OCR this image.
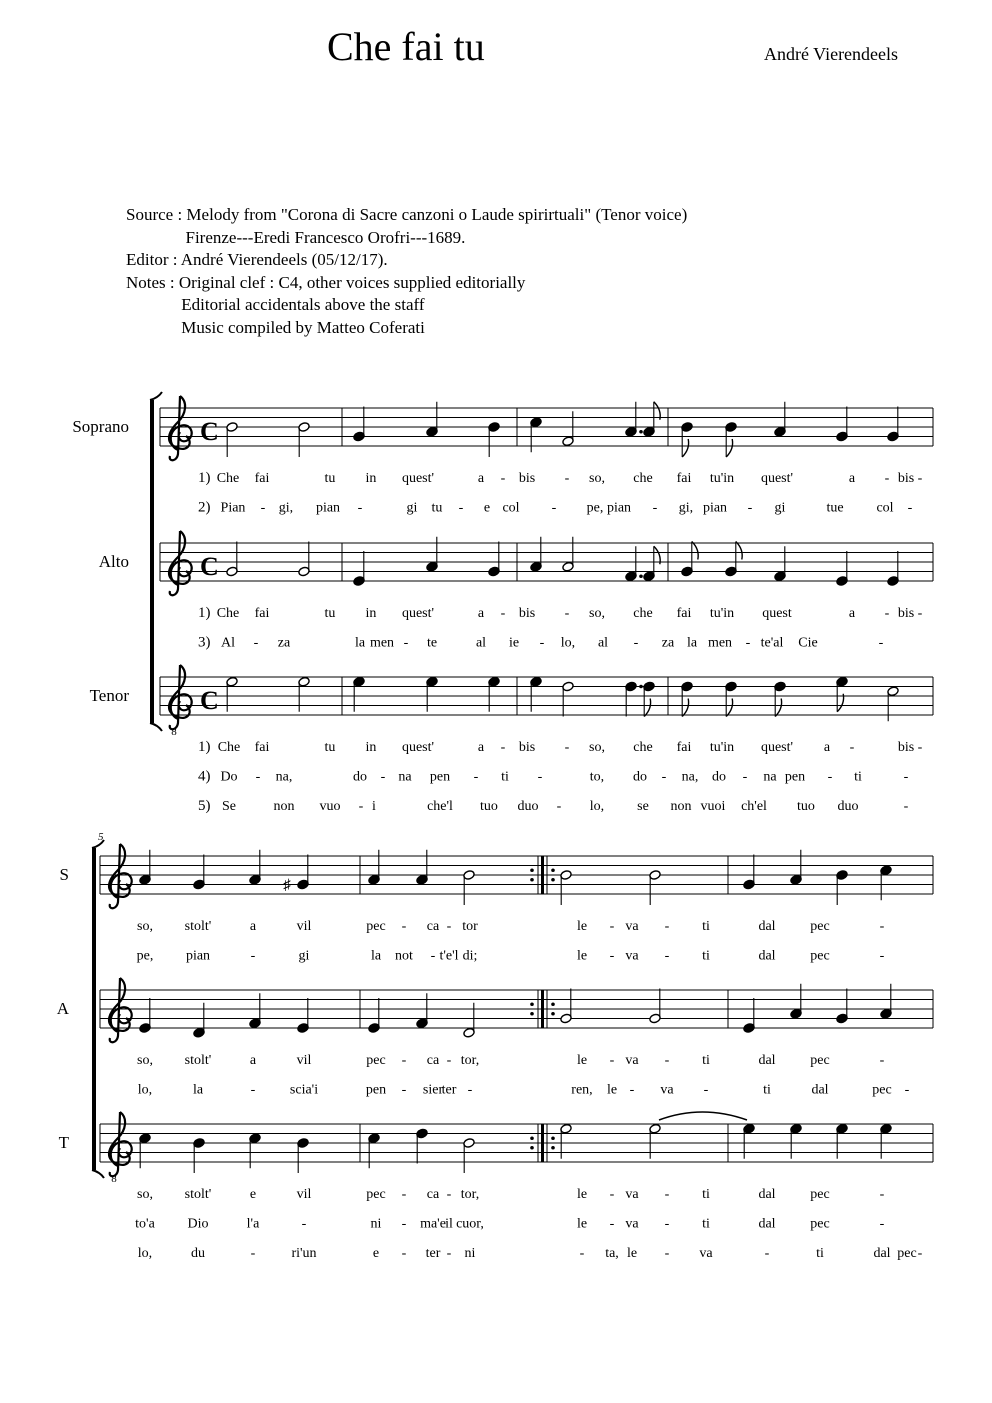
Che fai tu	André Vierendeels
Source : Melody from "Corona di Sacre canzoni o Laude spirirtuali" (Tenor voice)
Firenze---Eredi Francesco Orofri---1689.
Editor : André Vierendeels (05/12/17).
Notes : Original clef : C4, other voices supplied editorially
Editorial accidentals above the staff
Music compiled by Matteo Coferati
Soprano	C
1) Che fai	tu in quest'	a - bis - so, che fai tu'in quest'	a - bis -
2) Pian - gi, pian -	gi tu - e col - pe, pian - gi, pian - gi	tue col -
Alto	C
1) Che fai	tu in quest'	a - bis - so, che fai tu'in quest	a - bis -
3) Al - za	la men - te	al ie - lo, al - za la men - te'al Cie	-
Tenor
8
C
1) Che fai	tu in quest'	a - bis - so, che fai tu'in quest' a -	bis -
4) Do - na,	do - na pen - ti -	to, do - na, do - na pen - ti	-
5) Se	non vuo - i	che'l tuo duo - lo, se non vuoi ch'el tuo duo	-
5
S
♯
so, stolt'	a	vil	pec - ca - tor	le - va - ti	dal pec	-
pe, pian	-	gi	la not - t'e'l di;	le - va - ti	dal pec	-
A
so, stolt'	a	vil	pec - ca - tor,	le - va - ti	dal pec	-
lo,	la	- scia'i	pen - sier
ter -	ren, le - va -	ti	dal	pec -
T
8
so, stolt'	e	vil	pec - ca - tor,	le - va - ti	dal pec	-
to'a Dio	l'a	-	ni - ma'e il cuor,	le - va - ti	dal pec	-
lo,	du	-	ri'un	e - ter - ni	- ta, le - va	-	ti	dal pec -
